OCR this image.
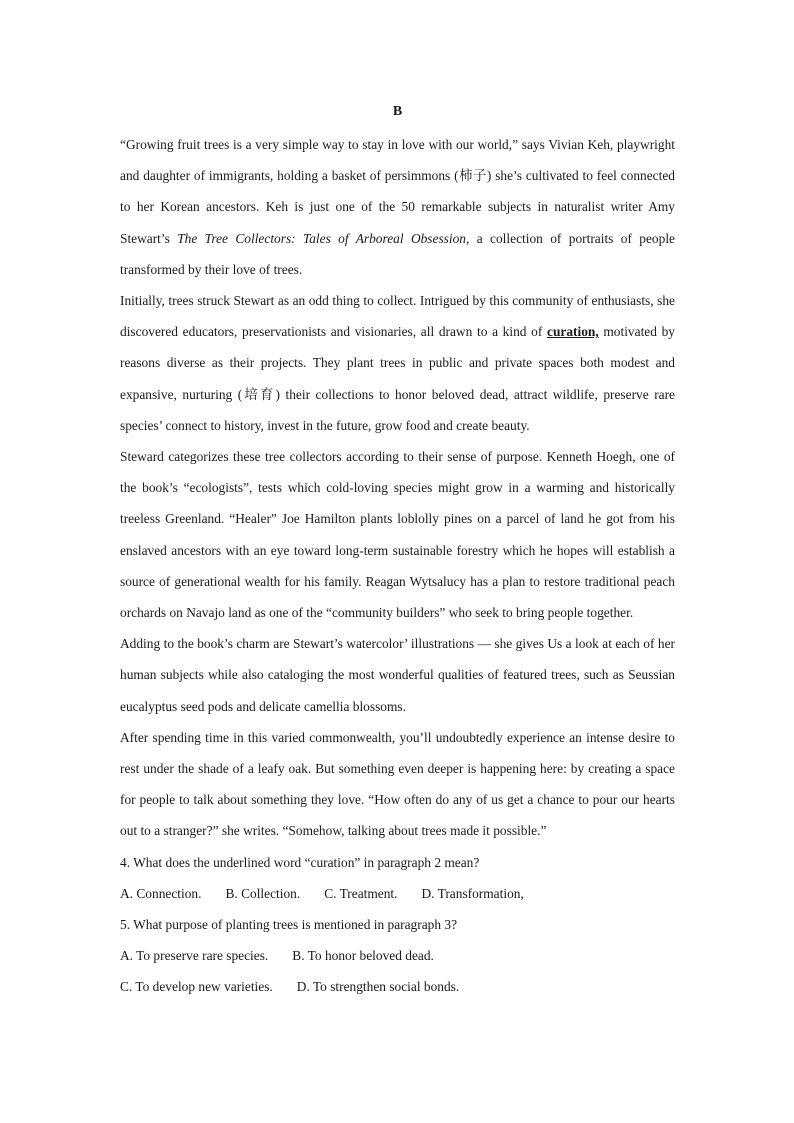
B

“Growing fruit trees is a very simple way to stay in love with our world,” says Vivian Keh, playwright and daughter of immigrants, holding a basket of persimmons (柿子) she’s cultivated to feel connected to her Korean ancestors. Keh is just one of the 50 remarkable subjects in naturalist writer Amy Stewart’s The Tree Collectors: Tales of Arboreal Obsession, a collection of portraits of people transformed by their love of trees.

Initially, trees struck Stewart as an odd thing to collect. Intrigued by this community of enthusiasts, she discovered educators, preservationists and visionaries, all drawn to a kind of curation, motivated by reasons diverse as their projects. They plant trees in public and private spaces both modest and expansive, nurturing (培育) their collections to honor beloved dead, attract wildlife, preserve rare species’ connect to history, invest in the future, grow food and create beauty.

Steward categorizes these tree collectors according to their sense of purpose. Kenneth Hoegh, one of the book’s “ecologists”, tests which cold-loving species might grow in a warming and historically treeless Greenland. “Healer” Joe Hamilton plants loblolly pines on a parcel of land he got from his enslaved ancestors with an eye toward long-term sustainable forestry which he hopes will establish a source of generational wealth for his family. Reagan Wytsalucy has a plan to restore traditional peach orchards on Navajo land as one of the “community builders” who seek to bring people together.

Adding to the book’s charm are Stewart’s watercolor’ illustrations — she gives Us a look at each of her human subjects while also cataloging the most wonderful qualities of featured trees, such as Seussian eucalyptus seed pods and delicate camellia blossoms.

After spending time in this varied commonwealth, you’ll undoubtedly experience an intense desire to rest under the shade of a leafy oak. But something even deeper is happening here: by creating a space for people to talk about something they love. “How often do any of us get a chance to pour our hearts out to a stranger?” she writes. “Somehow, talking about trees made it possible.”

4. What does the underlined word “curation” in paragraph 2 mean?

A. Connection. B. Collection. C. Treatment. D. Transformation,

5. What purpose of planting trees is mentioned in paragraph 3?

A. To preserve rare species. B. To honor beloved dead.
C. To develop new varieties. D. To strengthen social bonds.
